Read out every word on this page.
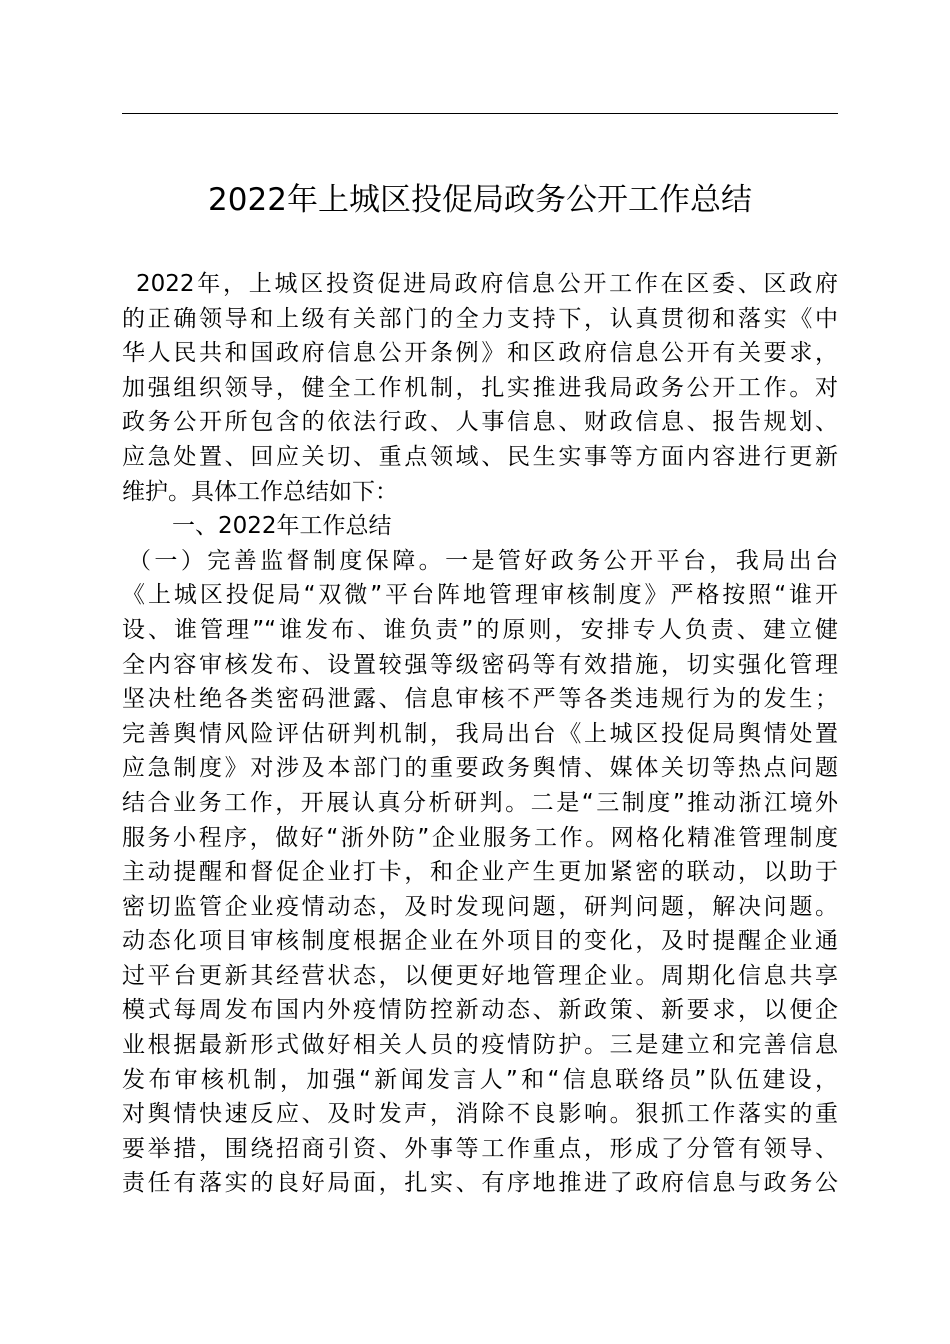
2022年上城区投促局政务公开工作总结
2022年，上城区投资促进局政府信息公开工作在区委、区政府
的正确领导和上级有关部门的全力支持下，认真贯彻和落实《中
华人民共和国政府信息公开条例》和区政府信息公开有关要求，
加强组织领导，健全工作机制，扎实推进我局政务公开工作。对
政务公开所包含的依法行政、人事信息、财政信息、报告规划、
应急处置、回应关切、重点领域、民生实事等方面内容进行更新
维护。具体工作总结如下：
一、2022年工作总结
（一）完善监督制度保障。一是管好政务公开平台，我局出台
《上城区投促局“双微”平台阵地管理审核制度》严格按照“谁开
设、谁管理”“谁发布、谁负责”的原则，安排专人负责、建立健
全内容审核发布、设置较强等级密码等有效措施，切实强化管理
坚决杜绝各类密码泄露、信息审核不严等各类违规行为的发生；
完善舆情风险评估研判机制，我局出台《上城区投促局舆情处置
应急制度》对涉及本部门的重要政务舆情、媒体关切等热点问题
结合业务工作，开展认真分析研判。二是“三制度”推动浙江境外
服务小程序，做好“浙外防”企业服务工作。网格化精准管理制度
主动提醒和督促企业打卡，和企业产生更加紧密的联动，以助于
密切监管企业疫情动态，及时发现问题，研判问题，解决问题。
动态化项目审核制度根据企业在外项目的变化，及时提醒企业通
过平台更新其经营状态，以便更好地管理企业。周期化信息共享
模式每周发布国内外疫情防控新动态、新政策、新要求，以便企
业根据最新形式做好相关人员的疫情防护。三是建立和完善信息
发布审核机制，加强“新闻发言人”和“信息联络员”队伍建设，
对舆情快速反应、及时发声，消除不良影响。狠抓工作落实的重
要举措，围绕招商引资、外事等工作重点，形成了分管有领导、
责任有落实的良好局面，扎实、有序地推进了政府信息与政务公
